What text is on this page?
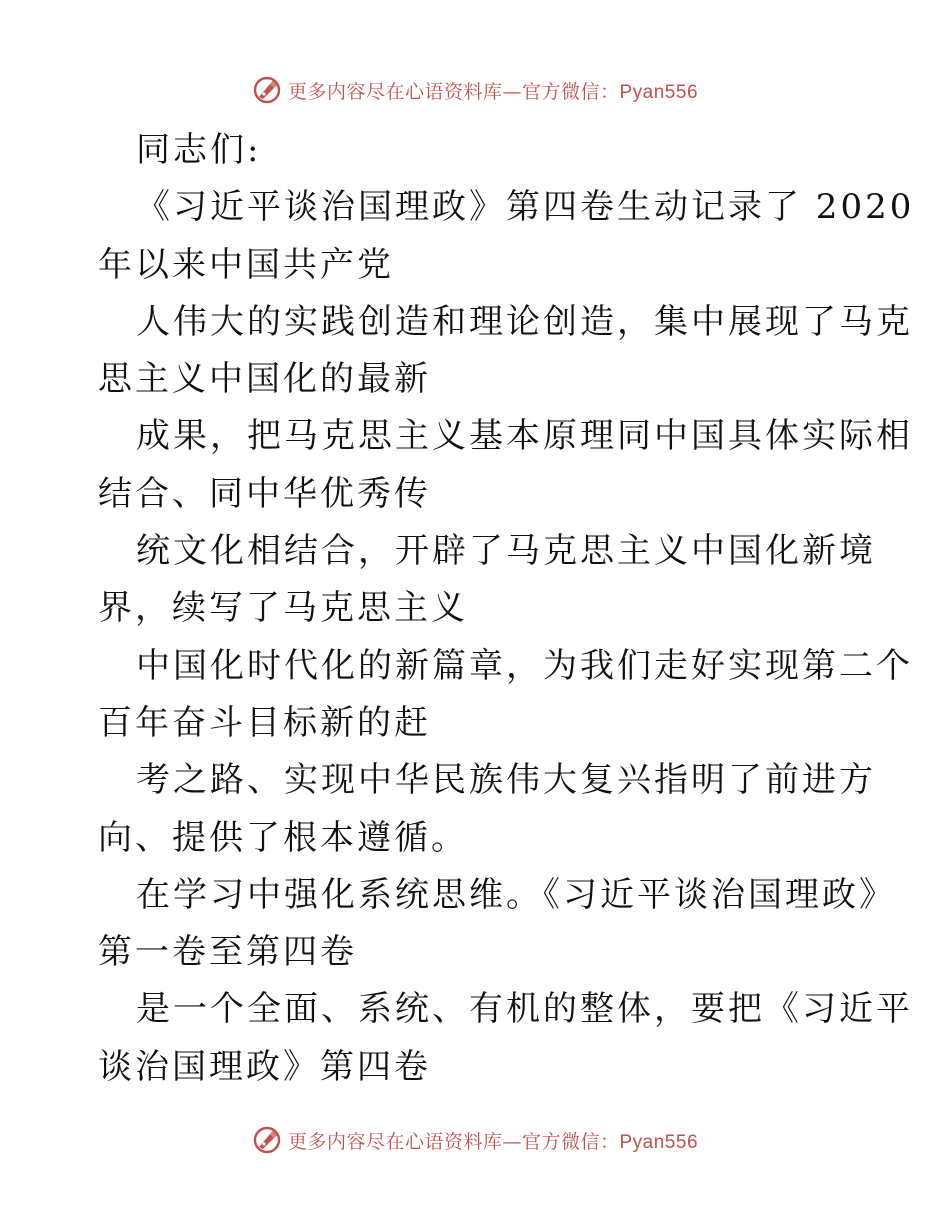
更多内容尽在心语资料库—官方微信：Pyan556
同志们:
《习近平谈治国理政》第四卷生动记录了 2020
年以来中国共产党
人伟大的实践创造和理论创造，集中展现了马克
思主义中国化的最新
成果，把马克思主义基本原理同中国具体实际相
结合、同中华优秀传
统文化相结合，开辟了马克思主义中国化新境
界，续写了马克思主义
中国化时代化的新篇章，为我们走好实现第二个
百年奋斗目标新的赶
考之路、实现中华民族伟大复兴指明了前进方
向、提供了根本遵循。
在学习中强化系统思维。《习近平谈治国理政》
第一卷至第四卷
是一个全面、系统、有机的整体，要把《习近平
谈治国理政》第四卷
更多内容尽在心语资料库—官方微信：Pyan556
